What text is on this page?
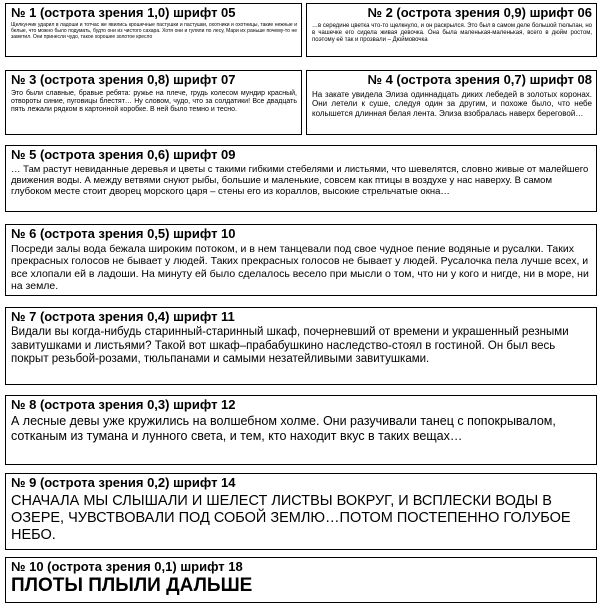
№ 1 (острота зрения 1,0) шрифт 05
Щелкунчик ударил в ладоши и тотчас же явились крошечные пастушки и пастушки, охотники и охотницы, такие нежные и белые, что можно было подумать, будто они из чистого сахара. Хотя они и гуляли по лесу, Мари их раньше почему-то не заметил. Они принесли чудо, такое хорошее золотое кресло
№ 2 (острота зрения 0,9) шрифт 06
…в середине цветка что-то щелкнуло, и он раскрылся. Это был в самом деле большой тюльпан, но в чашечке его сидела живая девочка. Она была маленькая-маленькая, всего в дюйм ростом, поэтому её так и прозвали – Дюймовочка
№ 3 (острота зрения 0,8) шрифт 07
Это были славные, бравые ребята: ружье на плече, грудь колесом мундир красный, отвороты синие, пуговицы блестят… Ну словом, чудо, что за солдатики! Все двадцать пять лежали рядком в картонной коробке. В ней было темно и тесно.
№ 4 (острота зрения 0,7) шрифт 08
На закате увидела Элиза одиннадцать диких лебедей в золотых коронах. Они летели к суше, следуя один за другим, и похоже было, что небе колышется длинная белая лента. Элиза взобралась наверх береговой…
№ 5 (острота зрения 0,6) шрифт 09
… Там растут невиданные деревья и цветы с такими гибкими стебелями и листьями, что шевелятся, словно живые от малейшего движения воды. А между ветвями снуют рыбы, большие и маленькие, совсем как птицы в воздухе у нас наверху. В самом глубоком месте стоит дворец морского царя – стены его из кораллов, высокие стрельчатые окна…
№ 6 (острота зрения 0,5) шрифт 10
Посреди залы вода бежала широким потоком, и в нем танцевали под свое чудное пение водяные и русалки. Таких прекрасных голосов не бывает у людей. Таких прекрасных голосов не бывает у людей. Русалочка пела лучше всех, и все хлопали ей в ладоши. На минуту ей было сделалось весело при мысли о том, что ни у кого и нигде, ни в море, ни на земле.
№ 7 (острота зрения 0,4) шрифт 11
Видали вы когда-нибудь старинный-старинный шкаф, почерневший от времени и украшенный резными завитушками и листьями? Такой вот шкаф–прабабушкино наследство-стоял в гостиной. Он был весь покрыт резьбой-розами, тюльпанами и самыми незатейливыми завитушками.
№ 8 (острота зрения 0,3) шрифт 12
А лесные девы уже кружились на волшебном холме. Они разучивали танец с попокрывалом, сотканым из тумана и лунного света, и тем, кто находит вкус в таких вещах…
№ 9 (острота зрения 0,2) шрифт 14
СНАЧАЛА МЫ СЛЫШАЛИ И ШЕЛЕСТ ЛИСТВЫ ВОКРУГ, И ВСПЛЕСКИ ВОДЫ В ОЗЕРЕ, ЧУВСТВОВАЛИ ПОД СОБОЙ ЗЕМЛЮ…ПОТОМ ПОСТЕПЕННО ГОЛУБОЕ НЕБО.
№ 10 (острота зрения 0,1) шрифт 18
ПЛОТЫ ПЛЫЛИ ДАЛЬШЕ
